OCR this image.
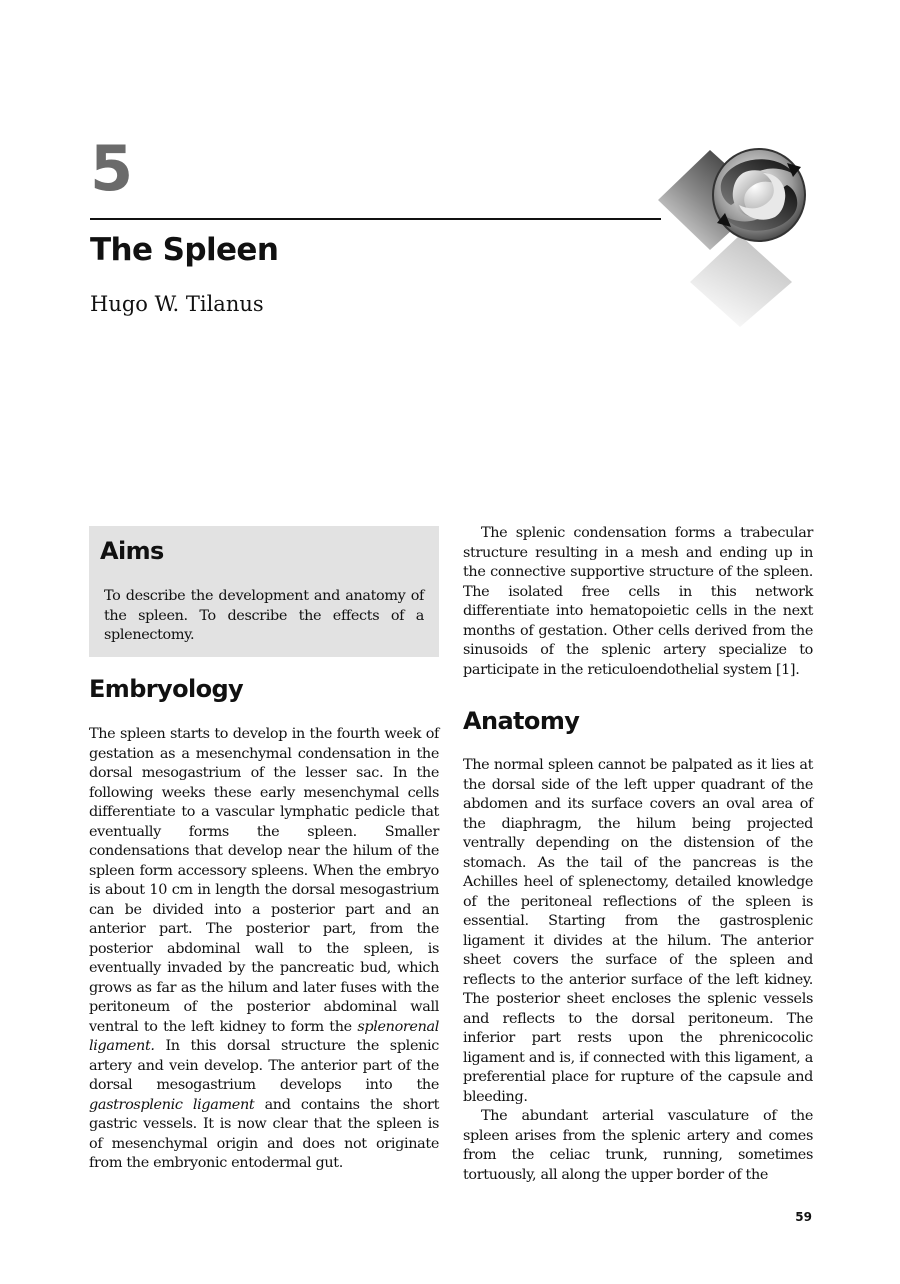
5
The Spleen
Hugo W. Tilanus
Aims

To describe the development and anatomy of the spleen. To describe the effects of a splenectomy.

Embryology

The spleen starts to develop in the fourth week of gestation as a mesenchymal condensation in the dorsal mesogastrium of the lesser sac. In the following weeks these early mesenchymal cells differentiate to a vascular lymphatic pedicle that eventually forms the spleen. Smaller condensations that develop near the hilum of the spleen form accessory spleens. When the embryo is about 10 cm in length the dorsal mesogastrium can be divided into a posterior part and an anterior part. The posterior part, from the posterior abdominal wall to the spleen, is eventually invaded by the pancreatic bud, which grows as far as the hilum and later fuses with the peritoneum of the posterior abdominal wall ventral to the left kidney to form the splenorenal ligament. In this dorsal structure the splenic artery and vein develop. The anterior part of the dorsal mesogastrium develops into the gastrosplenic ligament and contains the short gastric vessels. It is now clear that the spleen is of mesenchymal origin and does not originate from the embryonic entodermal gut.

The splenic condensation forms a trabecular structure resulting in a mesh and ending up in the connective supportive structure of the spleen. The isolated free cells in this network differentiate into hematopoietic cells in the next months of gestation. Other cells derived from the sinusoids of the splenic artery specialize to participate in the reticuloendothelial system [1].

Anatomy

The normal spleen cannot be palpated as it lies at the dorsal side of the left upper quadrant of the abdomen and its surface covers an oval area of the diaphragm, the hilum being projected ventrally depending on the distension of the stomach. As the tail of the pancreas is the Achilles heel of splenectomy, detailed knowledge of the peritoneal reflections of the spleen is essential. Starting from the gastrosplenic ligament it divides at the hilum. The anterior sheet covers the surface of the spleen and reflects to the anterior surface of the left kidney. The posterior sheet encloses the splenic vessels and reflects to the dorsal peritoneum. The inferior part rests upon the phrenicocolic ligament and is, if connected with this ligament, a preferential place for rupture of the capsule and bleeding.

The abundant arterial vasculature of the spleen arises from the splenic artery and comes from the celiac trunk, running, sometimes tortuously, all along the upper border of the

59
